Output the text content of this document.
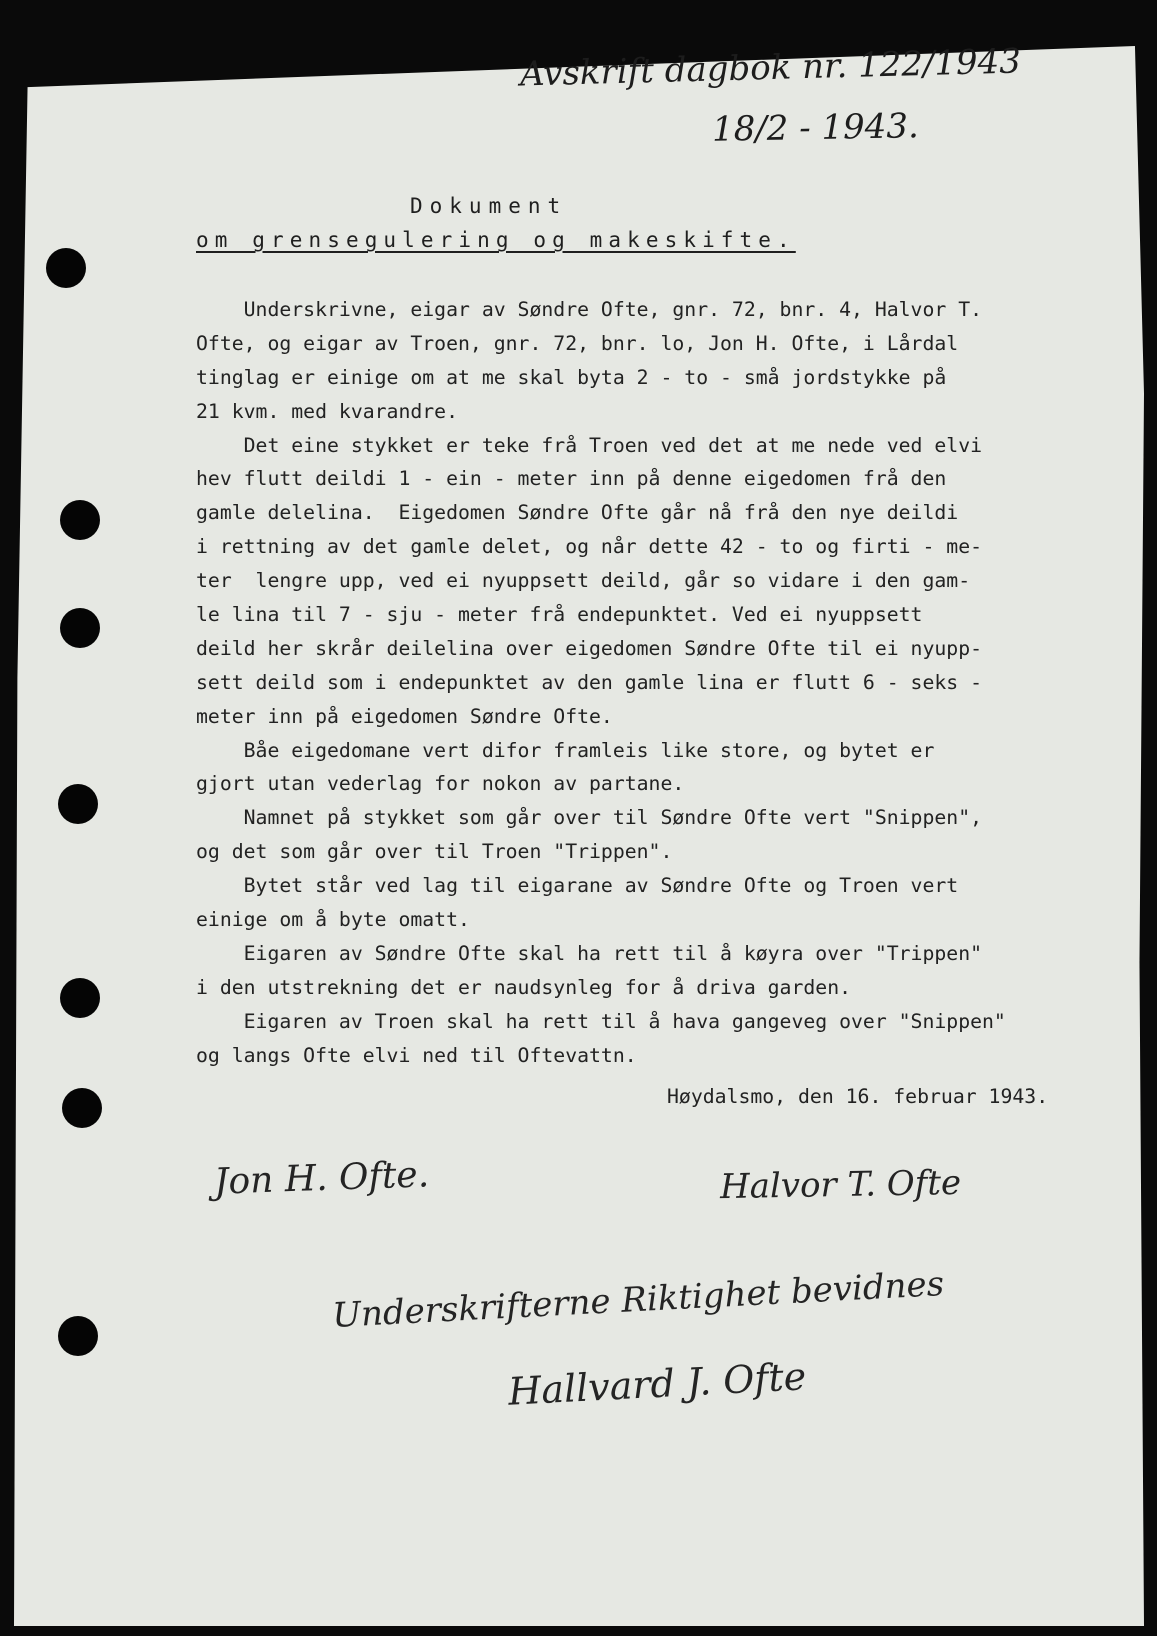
Avskrift dagbok nr. 122/1943
18/2 - 1943.
Dokument
om grensegulering og makeskifte.
Underskrivne, eigar av Søndre Ofte, gnr. 72, bnr. 4, Halvor T.
Ofte, og eigar av Troen, gnr. 72, bnr. lo, Jon H. Ofte, i Lårdal
tinglag er einige om at me skal byta 2 - to - små jordstykke på
21 kvm. med kvarandre.
Det eine stykket er teke frå Troen ved det at me nede ved elvi
hev flutt deildi 1 - ein - meter inn på denne eigedomen frå den
gamle delelina.  Eigedomen Søndre Ofte går nå frå den nye deildi
i rettning av det gamle delet, og når dette 42 - to og firti - me-
ter  lengre upp, ved ei nyuppsett deild, går so vidare i den gam-
le lina til 7 - sju - meter frå endepunktet. Ved ei nyuppsett
deild her skrår deilelina over eigedomen Søndre Ofte til ei nyupp-
sett deild som i endepunktet av den gamle lina er flutt 6 - seks -
meter inn på eigedomen Søndre Ofte.
Båe eigedomane vert difor framleis like store, og bytet er
gjort utan vederlag for nokon av partane.
Namnet på stykket som går over til Søndre Ofte vert "Snippen",
og det som går over til Troen "Trippen".
Bytet står ved lag til eigarane av Søndre Ofte og Troen vert
einige om å byte omatt.
Eigaren av Søndre Ofte skal ha rett til å køyra over "Trippen"
i den utstrekning det er naudsynleg for å driva garden.
Eigaren av Troen skal ha rett til å hava gangeveg over "Snippen"
og langs Ofte elvi ned til Oftevattn.
Høydalsmo, den 16. februar 1943.
Jon H. Ofte.	Halvor T. Ofte
Underskrifterne Riktighet bevidnes
Hallvard J. Ofte
